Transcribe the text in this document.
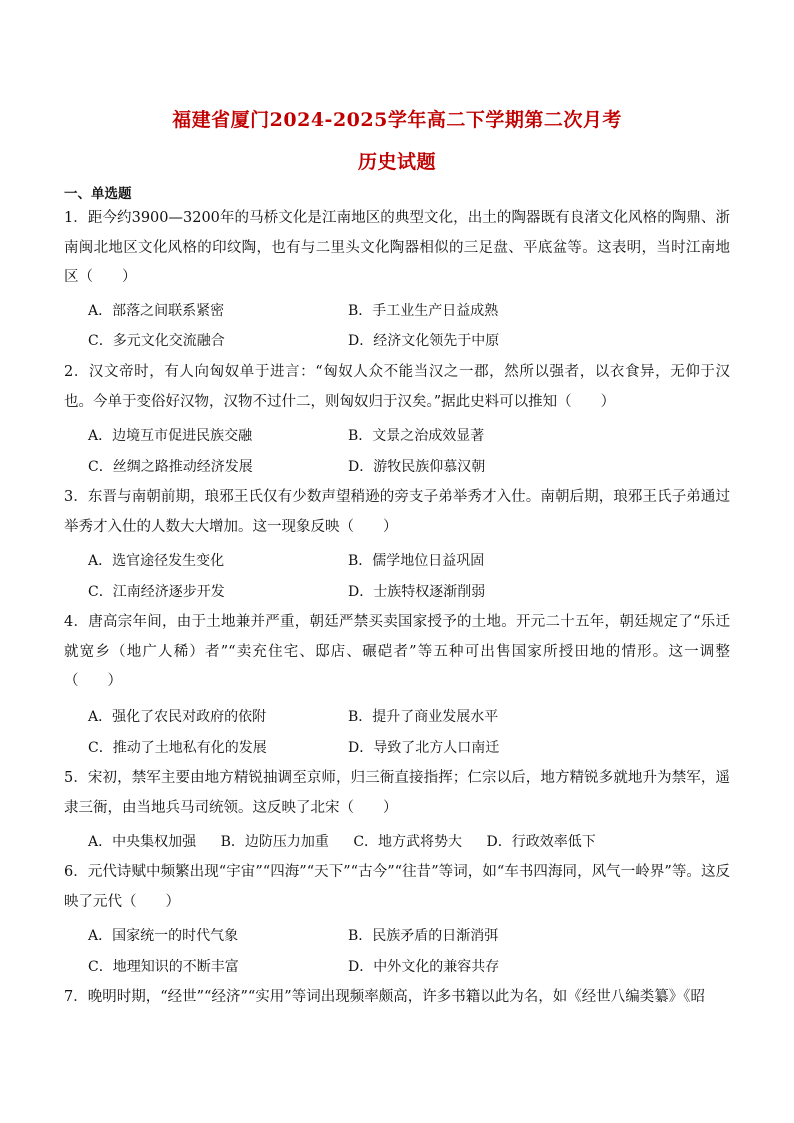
福建省厦门2024-2025学年高二下学期第二次月考
历史试题
一、单选题
1．距今约3900—3200年的马桥文化是江南地区的典型文化，出土的陶器既有良渚文化风格的陶鼎、浙南闽北地区文化风格的印纹陶，也有与二里头文化陶器相似的三足盘、平底盆等。这表明，当时江南地区（　　）
A．部落之间联系紧密	B．手工业生产日益成熟
C．多元文化交流融合	D．经济文化领先于中原
2．汉文帝时，有人向匈奴单于进言：“匈奴人众不能当汉之一郡，然所以强者，以衣食异，无仰于汉也。今单于变俗好汉物，汉物不过什二，则匈奴归于汉矣。”据此史料可以推知（　　）
A．边境互市促进民族交融	B．文景之治成效显著
C．丝绸之路推动经济发展	D．游牧民族仰慕汉朝
3．东晋与南朝前期，琅邪王氏仅有少数声望稍逊的旁支子弟举秀才入仕。南朝后期，琅邪王氏子弟通过举秀才入仕的人数大大增加。这一现象反映（　　）
A．选官途径发生变化	B．儒学地位日益巩固
C．江南经济逐步开发	D．士族特权逐渐削弱
4．唐高宗年间，由于土地兼并严重，朝廷严禁买卖国家授予的土地。开元二十五年，朝廷规定了“乐迁就宽乡（地广人稀）者”“卖充住宅、邸店、碾硙者”等五种可出售国家所授田地的情形。这一调整（　　）
A．强化了农民对政府的依附	B．提升了商业发展水平
C．推动了土地私有化的发展	D．导致了北方人口南迁
5．宋初，禁军主要由地方精锐抽调至京师，归三衙直接指挥；仁宗以后，地方精锐多就地升为禁军，遥隶三衙，由当地兵马司统领。这反映了北宋（　　）
A．中央集权加强 B．边防压力加重 C．地方武将势大 D．行政效率低下
6．元代诗赋中频繁出现“宇宙”“四海”“天下”“古今”“往昔”等词，如“车书四海同，风气一岭界”等。这反映了元代（　　）
A．国家统一的时代气象	B．民族矛盾的日渐消弭
C．地理知识的不断丰富	D．中外文化的兼容共存
7．晚明时期，“经世”“经济”“实用”等词出现频率颇高，许多书籍以此为名，如《经世八编类纂》《昭
